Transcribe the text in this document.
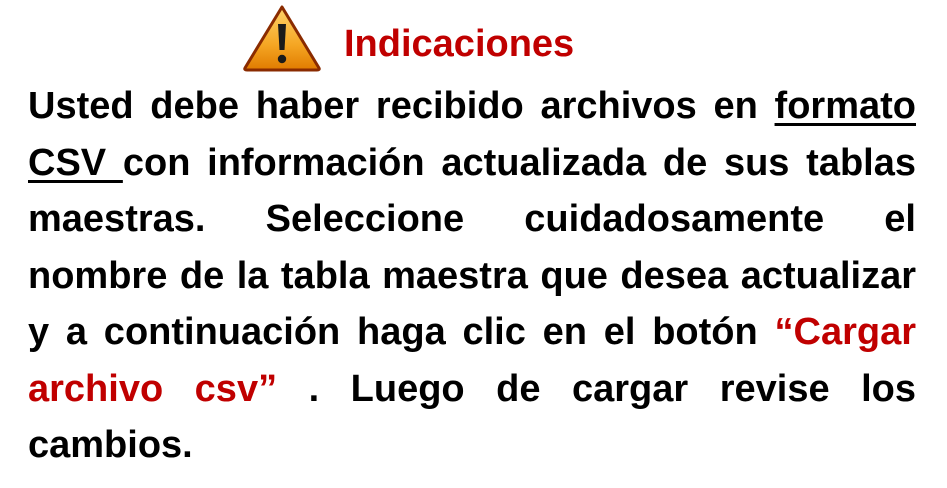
Indicaciones
Usted debe haber recibido archivos en formato CSV con información actualizada de sus tablas maestras. Seleccione cuidadosamente el nombre de la tabla maestra que desea actualizar y a continuación haga clic en el botón “Cargar archivo csv” . Luego de cargar revise los cambios.
